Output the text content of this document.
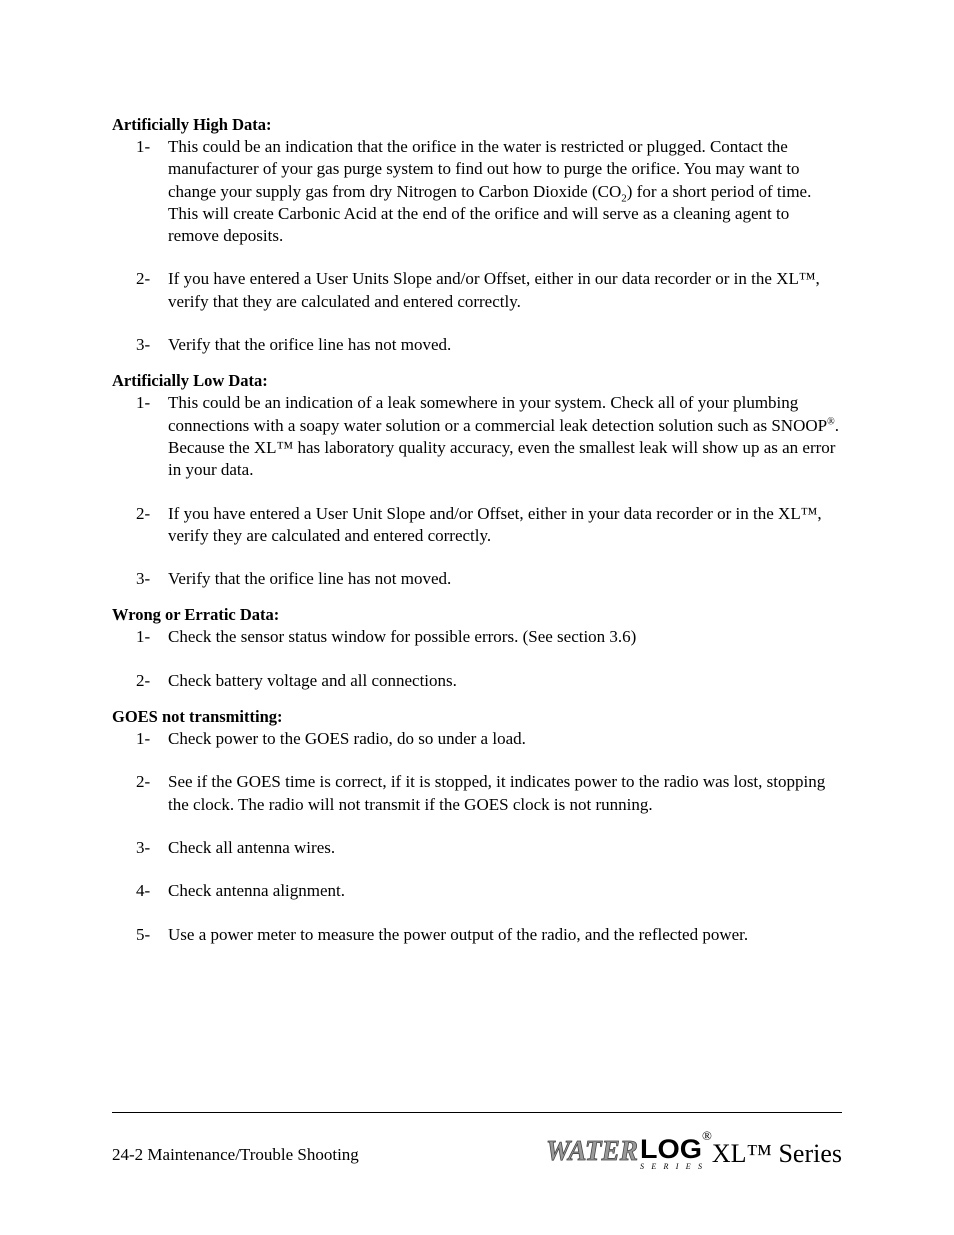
Artificially High Data:

1-	This could be an indication that the orifice in the water is restricted or plugged. Contact the manufacturer of your gas purge system to find out how to purge the orifice. You may want to change your supply gas from dry Nitrogen to Carbon Dioxide $(CO_2)$ for a short period of time. This will create Carbonic Acid at the end of the orifice and will serve as a cleaning agent to remove deposits.
2-	If you have entered a User Units Slope and/or Offset, either in our data recorder or in the XL™, verify that they are calculated and entered correctly.
3-	Verify that the orifice line has not moved.

Artificially Low Data:

1-	This could be an indication of a leak somewhere in your system. Check all of your plumbing connections with a soapy water solution or a commercial leak detection solution such as SNOOP®. Because the XL™ has laboratory quality accuracy, even the smallest leak will show up as an error in your data.
2-	If you have entered a User Unit Slope and/or Offset, either in your data recorder or in the XL™, verify they are calculated and entered correctly.
3-	Verify that the orifice line has not moved.

Wrong or Erratic Data:

1-	Check the sensor status window for possible errors. (See section 3.6)
2-	Check battery voltage and all connections.

GOES not transmitting:

1-	Check power to the GOES radio, do so under a load.
2-	See if the GOES time is correct, if it is stopped, it indicates power to the radio was lost, stopping the clock. The radio will not transmit if the GOES clock is not running.
3-	Check all antenna wires.
4-	Check antenna alignment.
5-	Use a power meter to measure the power output of the radio, and the reflected power.
24-2 Maintenance/Trouble Shooting	WATER LOG ®
SERIES XL™ Series
